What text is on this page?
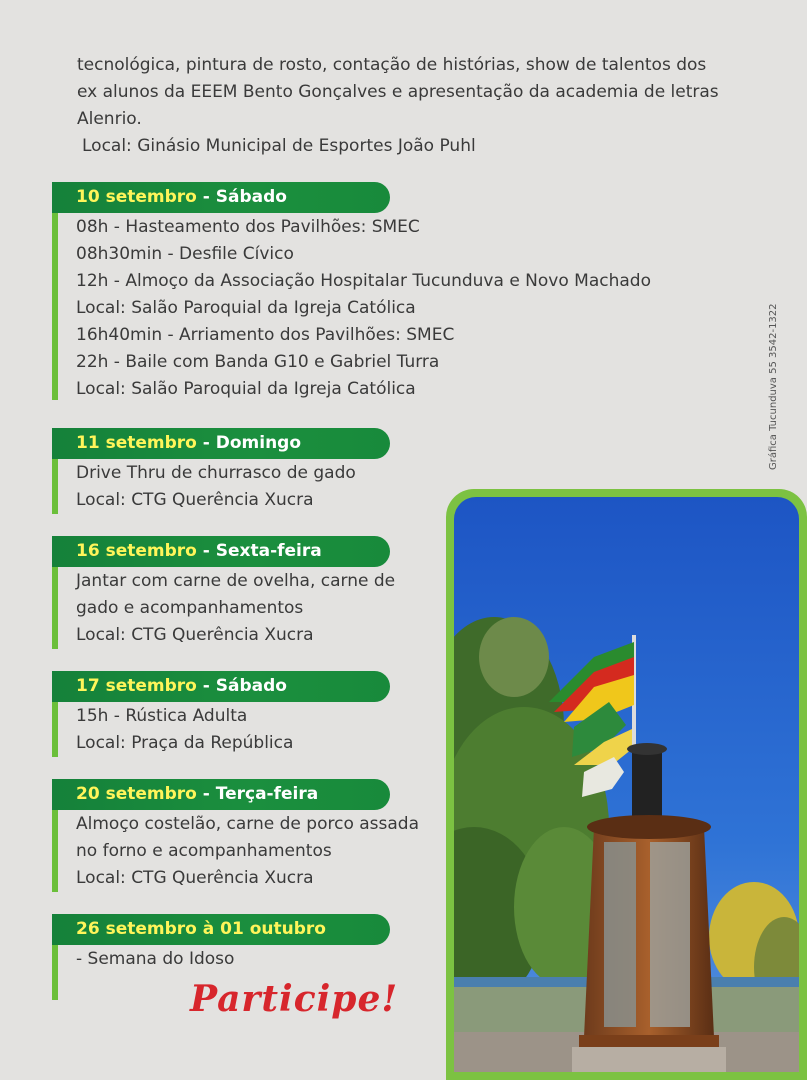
tecnológica, pintura de rosto, contação de histórias, show de talentos dos

ex alunos da EEEM Bento Gonçalves e apresentação da academia de letras

Alenrio.

Local: Ginásio Municipal de Esportes João Puhl

10 setembro - Sábado

08h - Hasteamento dos Pavilhões: SMEC

08h30min - Desfile Cívico

12h - Almoço da Associação Hospitalar Tucunduva e Novo Machado

Local: Salão Paroquial da Igreja Católica

16h40min - Arriamento dos Pavilhões: SMEC

22h - Baile com Banda G10 e Gabriel Turra

Local: Salão Paroquial da Igreja Católica

11 setembro - Domingo

Drive Thru de churrasco de gado

Local: CTG Querência Xucra

16 setembro - Sexta-feira

Jantar com carne de ovelha, carne de

gado e acompanhamentos

Local: CTG Querência Xucra

17 setembro - Sábado

15h - Rústica Adulta

Local: Praça da República

20 setembro - Terça-feira

Almoço costelão, carne de porco assada

no forno e acompanhamentos

Local: CTG Querência Xucra

26 setembro à 01 outubro

- Semana do Idoso

Participe!
Gráfica Tucunduva 55 3542-1322
